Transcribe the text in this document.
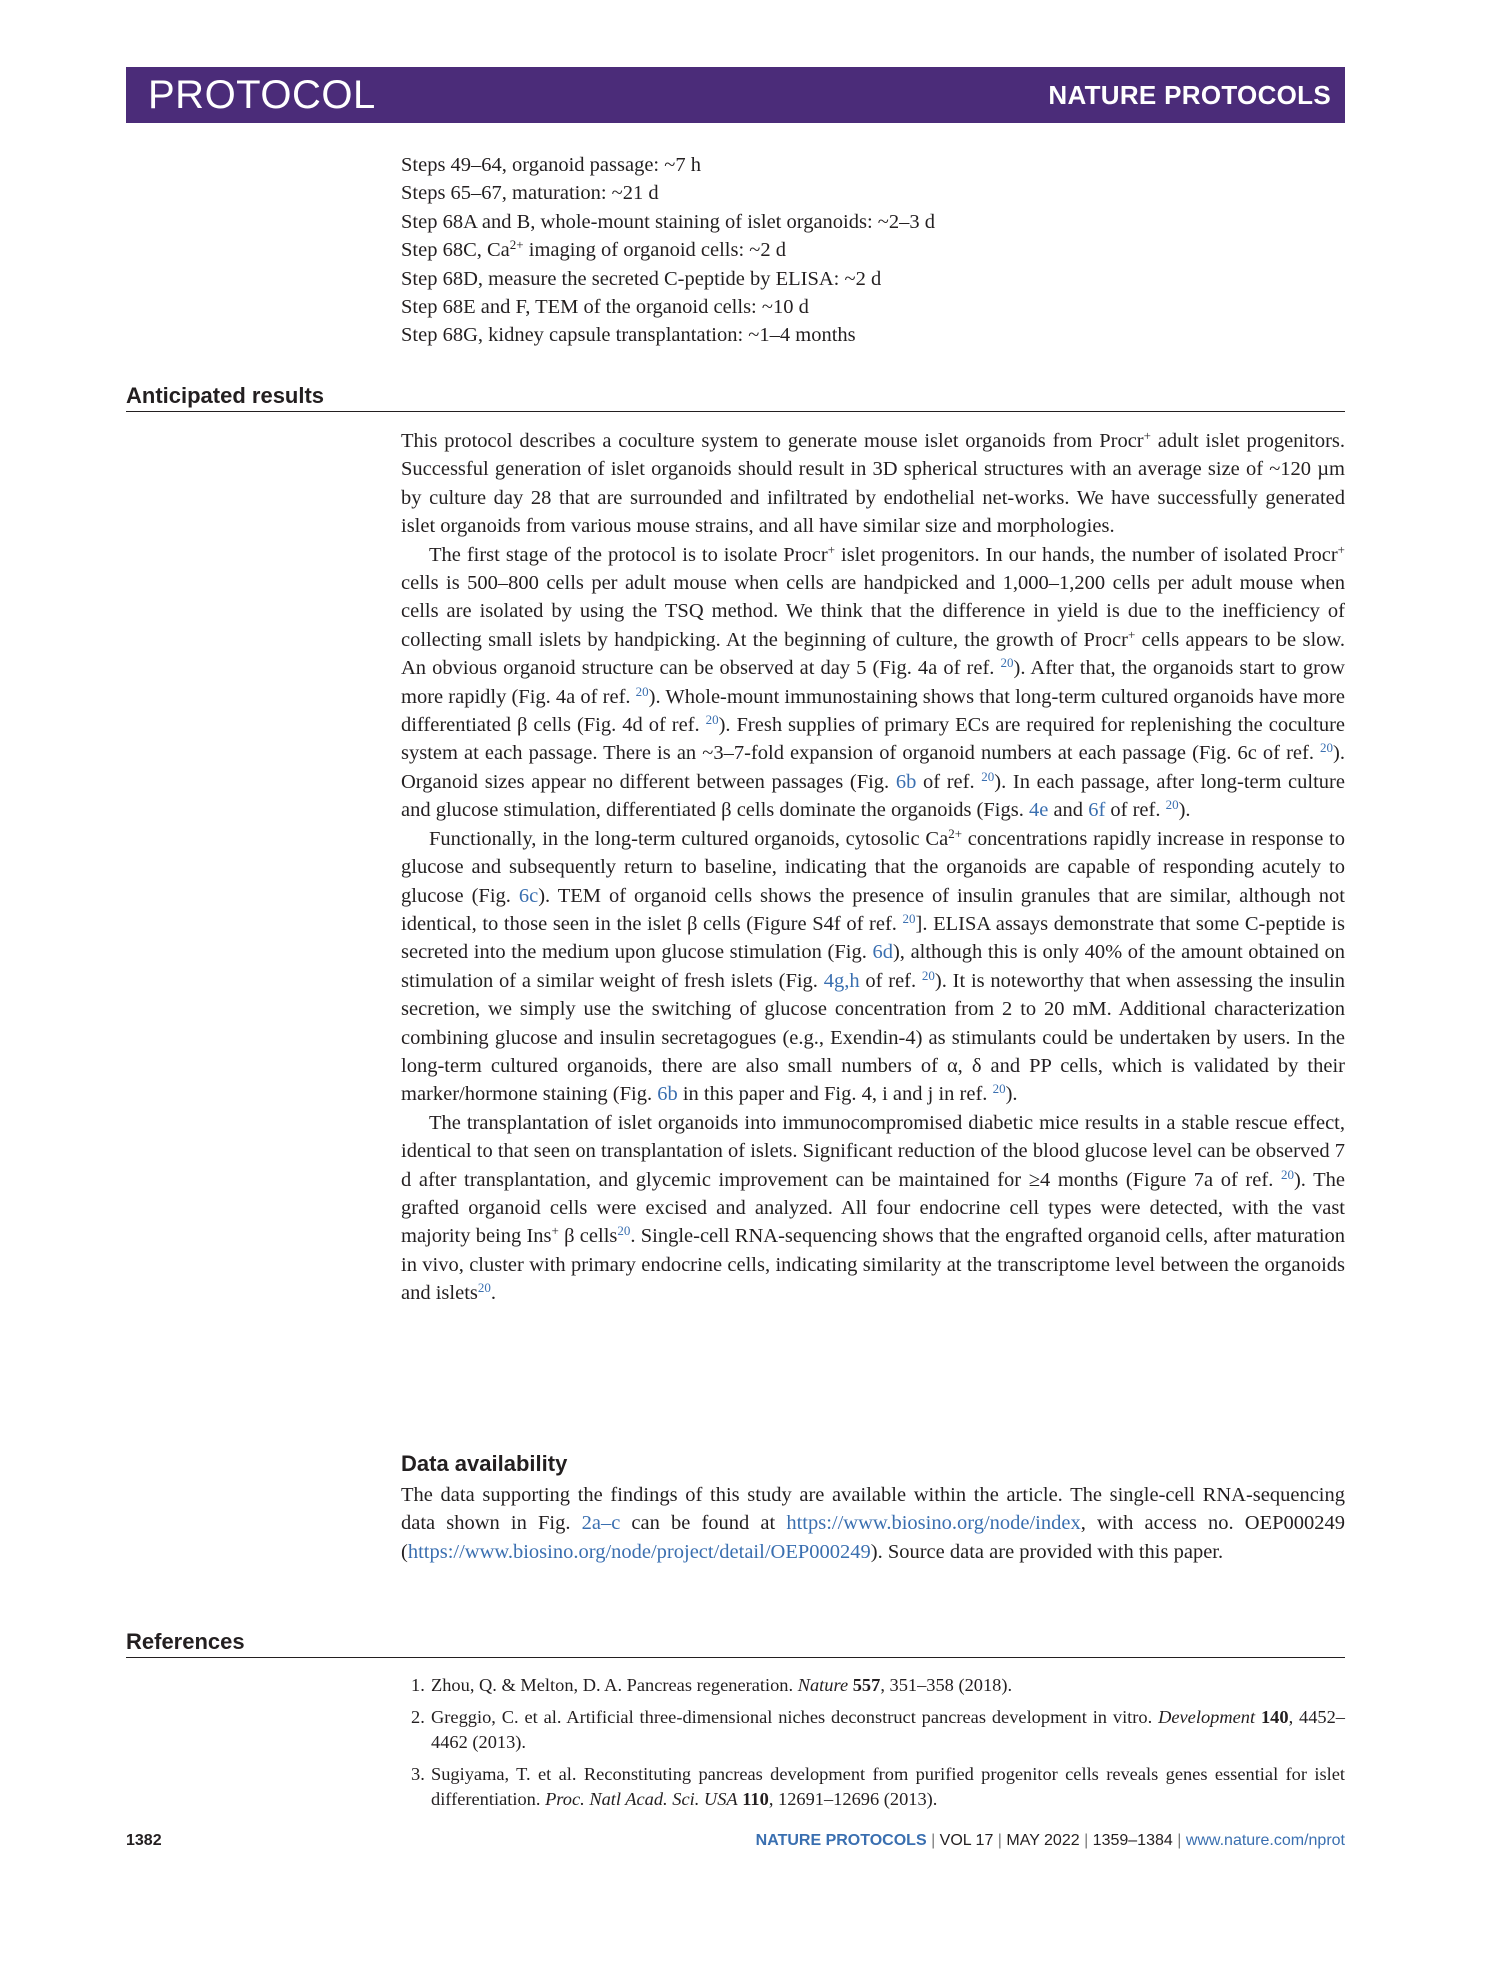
PROTOCOL	NATURE PROTOCOLS
Steps 49–64, organoid passage: ~7 h
Steps 65–67, maturation: ~21 d
Step 68A and B, whole-mount staining of islet organoids: ~2–3 d
Step 68C, $Ca^{2+}$ imaging of organoid cells: ~2 d
Step 68D, measure the secreted C-peptide by ELISA: ~2 d
Step 68E and F, TEM of the organoid cells: ~10 d
Step 68G, kidney capsule transplantation: ~1–4 months
Anticipated results

This protocol describes a coculture system to generate mouse islet organoids from Procr+ adult islet progenitors. Successful generation of islet organoids should result in 3D spherical structures with an average size of ~120 µm by culture day 28 that are surrounded and infiltrated by endothelial net-works. We have successfully generated islet organoids from various mouse strains, and all have similar size and morphologies.

The first stage of the protocol is to isolate Procr+ islet progenitors. In our hands, the number of isolated Procr+ cells is 500–800 cells per adult mouse when cells are handpicked and 1,000–1,200 cells per adult mouse when cells are isolated by using the TSQ method. We think that the difference in yield is due to the inefficiency of collecting small islets by handpicking. At the beginning of culture, the growth of Procr+ cells appears to be slow. An obvious organoid structure can be observed at day 5 (Fig. 4a of ref. $^{20}$). After that, the organoids start to grow more rapidly (Fig. 4a of ref. $^{20}$). Whole-mount immunostaining shows that long-term cultured organoids have more differentiated β cells (Fig. 4d of ref. $^{20}$). Fresh supplies of primary ECs are required for replenishing the coculture system at each passage. There is an ~3–7-fold expansion of organoid numbers at each passage (Fig. 6c of ref. $^{20}$). Organoid sizes appear no different between passages (Fig. 6b of ref. $^{20}$). In each passage, after long-term culture and glucose stimulation, differentiated β cells dominate the organoids (Figs. 4e and 6f of ref. $^{20}$).

Functionally, in the long-term cultured organoids, cytosolic $Ca^{2+}$ concentrations rapidly increase in response to glucose and subsequently return to baseline, indicating that the organoids are capable of responding acutely to glucose (Fig. 6c). TEM of organoid cells shows the presence of insulin granules that are similar, although not identical, to those seen in the islet β cells (Figure S4f of ref. $^{20}$]. ELISA assays demonstrate that some C-peptide is secreted into the medium upon glucose stimulation (Fig. 6d), although this is only 40% of the amount obtained on stimulation of a similar weight of fresh islets (Fig. 4g,h of ref. $^{20}$). It is noteworthy that when assessing the insulin secretion, we simply use the switching of glucose concentration from 2 to 20 mM. Additional characterization combining glucose and insulin secretagogues (e.g., Exendin-4) as stimulants could be undertaken by users. In the long-term cultured organoids, there are also small numbers of α, δ and PP cells, which is validated by their marker/hormone staining (Fig. 6b in this paper and Fig. 4, i and j in ref. $^{20}$).

The transplantation of islet organoids into immunocompromised diabetic mice results in a stable rescue effect, identical to that seen on transplantation of islets. Significant reduction of the blood glucose level can be observed 7 d after transplantation, and glycemic improvement can be maintained for ≥4 months (Figure 7a of ref. $^{20}$). The grafted organoid cells were excised and analyzed. All four endocrine cell types were detected, with the vast majority being Ins+ β cells$^{20}$. Single-cell RNA-sequencing shows that the engrafted organoid cells, after maturation in vivo, cluster with primary endocrine cells, indicating similarity at the transcriptome level between the organoids and islets$^{20}$.

Data availability

The data supporting the findings of this study are available within the article. The single-cell RNA-sequencing data shown in Fig. 2a–c can be found at https://www.biosino.org/node/index, with access no. OEP000249 (https://www.biosino.org/node/project/detail/OEP000249). Source data are provided with this paper.

References
1. Zhou, Q. & Melton, D. A. Pancreas regeneration. Nature 557, 351–358 (2018).
2. Greggio, C. et al. Artificial three-dimensional niches deconstruct pancreas development in vitro. Development 140, 4452–4462 (2013).
3. Sugiyama, T. et al. Reconstituting pancreas development from purified progenitor cells reveals genes essential for islet differentiation. Proc. Natl Acad. Sci. USA 110, 12691–12696 (2013).
1382	NATURE PROTOCOLS | VOL 17 | MAY 2022 | 1359–1384 | www.nature.com/nprot
